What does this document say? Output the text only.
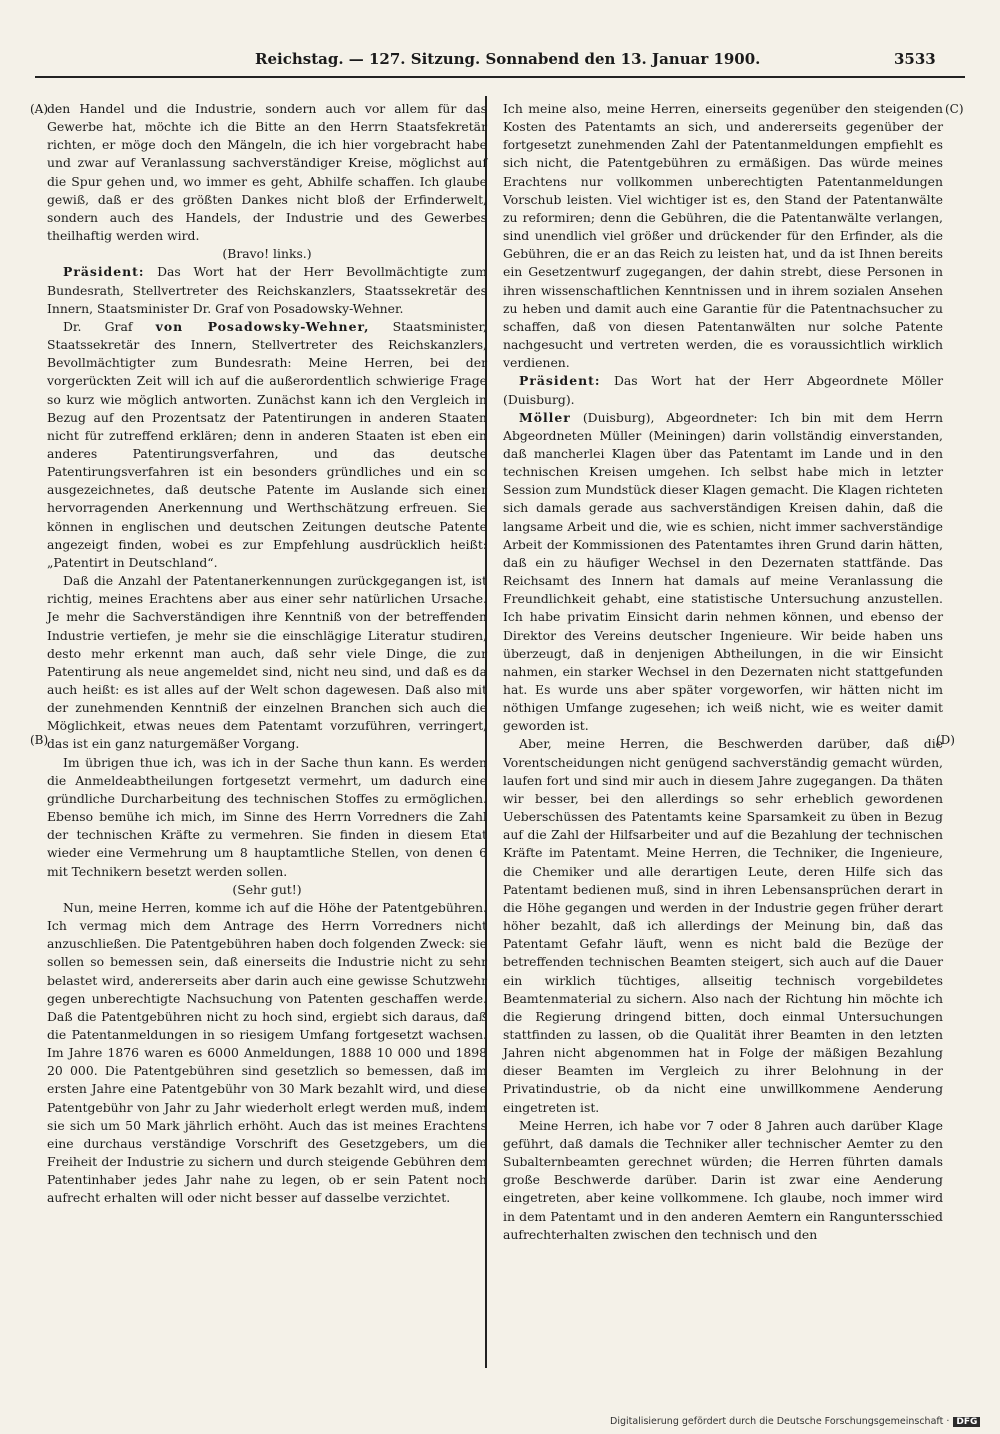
Reichstag. — 127. Sitzung. Sonnabend den 13. Januar 1900.	3533
(A)	(C)
(B)	(D)

den Handel und die Industrie, sondern auch vor allem für das Gewerbe hat, möchte ich die Bitte an den Herrn Staatsfekretär richten, er möge doch den Mängeln, die ich hier vorgebracht habe und zwar auf Veranlassung sachverständiger Kreise, möglichst auf die Spur gehen und, wo immer es geht, Abhilfe schaffen. Ich glaube gewiß, daß er des größten Dankes nicht bloß der Erfinderwelt, sondern auch des Handels, der Industrie und des Gewerbes theilhaftig werden wird.

(Bravo! links.)

Präsident: Das Wort hat der Herr Bevollmächtigte zum Bundesrath, Stellvertreter des Reichskanzlers, Staatssekretär des Innern, Staatsminister Dr. Graf von Posadowsky-Wehner.

Dr. Graf von Posadowsky-Wehner, Staatsminister, Staatssekretär des Innern, Stellvertreter des Reichskanzlers, Bevollmächtigter zum Bundesrath: Meine Herren, bei der vorgerückten Zeit will ich auf die außerordentlich schwierige Frage so kurz wie möglich antworten. Zunächst kann ich den Vergleich in Bezug auf den Prozentsatz der Patentirungen in anderen Staaten nicht für zutreffend erklären; denn in anderen Staaten ist eben ein anderes Patentirungsverfahren, und das deutsche Patentirungsverfahren ist ein besonders gründliches und ein so ausgezeichnetes, daß deutsche Patente im Auslande sich einer hervorragenden Anerkennung und Werthschätzung erfreuen. Sie können in englischen und deutschen Zeitungen deutsche Patente angezeigt finden, wobei es zur Empfehlung ausdrücklich heißt: „Patentirt in Deutschland“.

Daß die Anzahl der Patentanerkennungen zurückgegangen ist, ist richtig, meines Erachtens aber aus einer sehr natürlichen Ursache. Je mehr die Sachverständigen ihre Kenntniß von der betreffenden Industrie vertiefen, je mehr sie die einschlägige Literatur studiren, desto mehr erkennt man auch, daß sehr viele Dinge, die zur Patentirung als neue angemeldet sind, nicht neu sind, und daß es da auch heißt: es ist alles auf der Welt schon dagewesen. Daß also mit der zunehmenden Kenntniß der einzelnen Branchen sich auch die Möglichkeit, etwas neues dem Patentamt vorzuführen, verringert, das ist ein ganz naturgemäßer Vorgang.

Im übrigen thue ich, was ich in der Sache thun kann. Es werden die Anmeldeabtheilungen fortgesetzt vermehrt, um dadurch eine gründliche Durcharbeitung des technischen Stoffes zu ermöglichen. Ebenso bemühe ich mich, im Sinne des Herrn Vorredners die Zahl der technischen Kräfte zu vermehren. Sie finden in diesem Etat wieder eine Vermehrung um 8 hauptamtliche Stellen, von denen 6 mit Technikern besetzt werden sollen.

(Sehr gut!)

Nun, meine Herren, komme ich auf die Höhe der Patentgebühren. Ich vermag mich dem Antrage des Herrn Vorredners nicht anzuschließen. Die Patentgebühren haben doch folgenden Zweck: sie sollen so bemessen sein, daß einerseits die Industrie nicht zu sehr belastet wird, andererseits aber darin auch eine gewisse Schutzwehr gegen unberechtigte Nachsuchung von Patenten geschaffen werde. Daß die Patentgebühren nicht zu hoch sind, ergiebt sich daraus, daß die Patentanmeldungen in so riesigem Umfang fortgesetzt wachsen. Im Jahre 1876 waren es 6000 Anmeldungen, 1888 10 000 und 1898 20 000. Die Patentgebühren sind gesetzlich so bemessen, daß im ersten Jahre eine Patentgebühr von 30 Mark bezahlt wird, und diese Patentgebühr von Jahr zu Jahr wiederholt erlegt werden muß, indem sie sich um 50 Mark jährlich erhöht. Auch das ist meines Erachtens eine durchaus verständige Vorschrift des Gesetzgebers, um die Freiheit der Industrie zu sichern und durch steigende Gebühren dem Patentinhaber jedes Jahr nahe zu legen, ob er sein Patent noch aufrecht erhalten will oder nicht besser auf dasselbe verzichtet.

Ich meine also, meine Herren, einerseits gegenüber den steigenden Kosten des Patentamts an sich, und andererseits gegenüber der fortgesetzt zunehmenden Zahl der Patentanmeldungen empfiehlt es sich nicht, die Patentgebühren zu ermäßigen. Das würde meines Erachtens nur vollkommen unberechtigten Patentanmeldungen Vorschub leisten. Viel wichtiger ist es, den Stand der Patentanwälte zu reformiren; denn die Gebühren, die die Patentanwälte verlangen, sind unendlich viel größer und drückender für den Erfinder, als die Gebühren, die er an das Reich zu leisten hat, und da ist Ihnen bereits ein Gesetzentwurf zugegangen, der dahin strebt, diese Personen in ihren wissenschaftlichen Kenntnissen und in ihrem sozialen Ansehen zu heben und damit auch eine Garantie für die Patentnachsucher zu schaffen, daß von diesen Patentanwälten nur solche Patente nachgesucht und vertreten werden, die es voraussichtlich wirklich verdienen.

Präsident: Das Wort hat der Herr Abgeordnete Möller (Duisburg).

Möller (Duisburg), Abgeordneter: Ich bin mit dem Herrn Abgeordneten Müller (Meiningen) darin vollständig einverstanden, daß mancherlei Klagen über das Patentamt im Lande und in den technischen Kreisen umgehen. Ich selbst habe mich in letzter Session zum Mundstück dieser Klagen gemacht. Die Klagen richteten sich damals gerade aus sachverständigen Kreisen dahin, daß die langsame Arbeit und die, wie es schien, nicht immer sachverständige Arbeit der Kommissionen des Patentamtes ihren Grund darin hätten, daß ein zu häufiger Wechsel in den Dezernaten stattfände. Das Reichsamt des Innern hat damals auf meine Veranlassung die Freundlichkeit gehabt, eine statistische Untersuchung anzustellen. Ich habe privatim Einsicht darin nehmen können, und ebenso der Direktor des Vereins deutscher Ingenieure. Wir beide haben uns überzeugt, daß in denjenigen Abtheilungen, in die wir Einsicht nahmen, ein starker Wechsel in den Dezernaten nicht stattgefunden hat. Es wurde uns aber später vorgeworfen, wir hätten nicht im nöthigen Umfange zugesehen; ich weiß nicht, wie es weiter damit geworden ist.

Aber, meine Herren, die Beschwerden darüber, daß die Vorentscheidungen nicht genügend sachverständig gemacht würden, laufen fort und sind mir auch in diesem Jahre zugegangen. Da thäten wir besser, bei den allerdings so sehr erheblich gewordenen Ueberschüssen des Patentamts keine Sparsamkeit zu üben in Bezug auf die Zahl der Hilfsarbeiter und auf die Bezahlung der technischen Kräfte im Patentamt. Meine Herren, die Techniker, die Ingenieure, die Chemiker und alle derartigen Leute, deren Hilfe sich das Patentamt bedienen muß, sind in ihren Lebensansprüchen derart in die Höhe gegangen und werden in der Industrie gegen früher derart höher bezahlt, daß ich allerdings der Meinung bin, daß das Patentamt Gefahr läuft, wenn es nicht bald die Bezüge der betreffenden technischen Beamten steigert, sich auch auf die Dauer ein wirklich tüchtiges, allseitig technisch vorgebildetes Beamtenmaterial zu sichern. Also nach der Richtung hin möchte ich die Regierung dringend bitten, doch einmal Untersuchungen stattfinden zu lassen, ob die Qualität ihrer Beamten in den letzten Jahren nicht abgenommen hat in Folge der mäßigen Bezahlung dieser Beamten im Vergleich zu ihrer Belohnung in der Privatindustrie, ob da nicht eine unwillkommene Aenderung eingetreten ist.

Meine Herren, ich habe vor 7 oder 8 Jahren auch darüber Klage geführt, daß damals die Techniker aller technischer Aemter zu den Subalternbeamten gerechnet würden; die Herren führten damals große Beschwerde darüber. Darin ist zwar eine Aenderung eingetreten, aber keine vollkommene. Ich glaube, noch immer wird in dem Patentamt und in den anderen Aemtern ein Ranguntersschied aufrechterhalten zwischen den technisch und den

Digitalisierung gefördert durch die Deutsche Forschungsgemeinschaft · DFG
